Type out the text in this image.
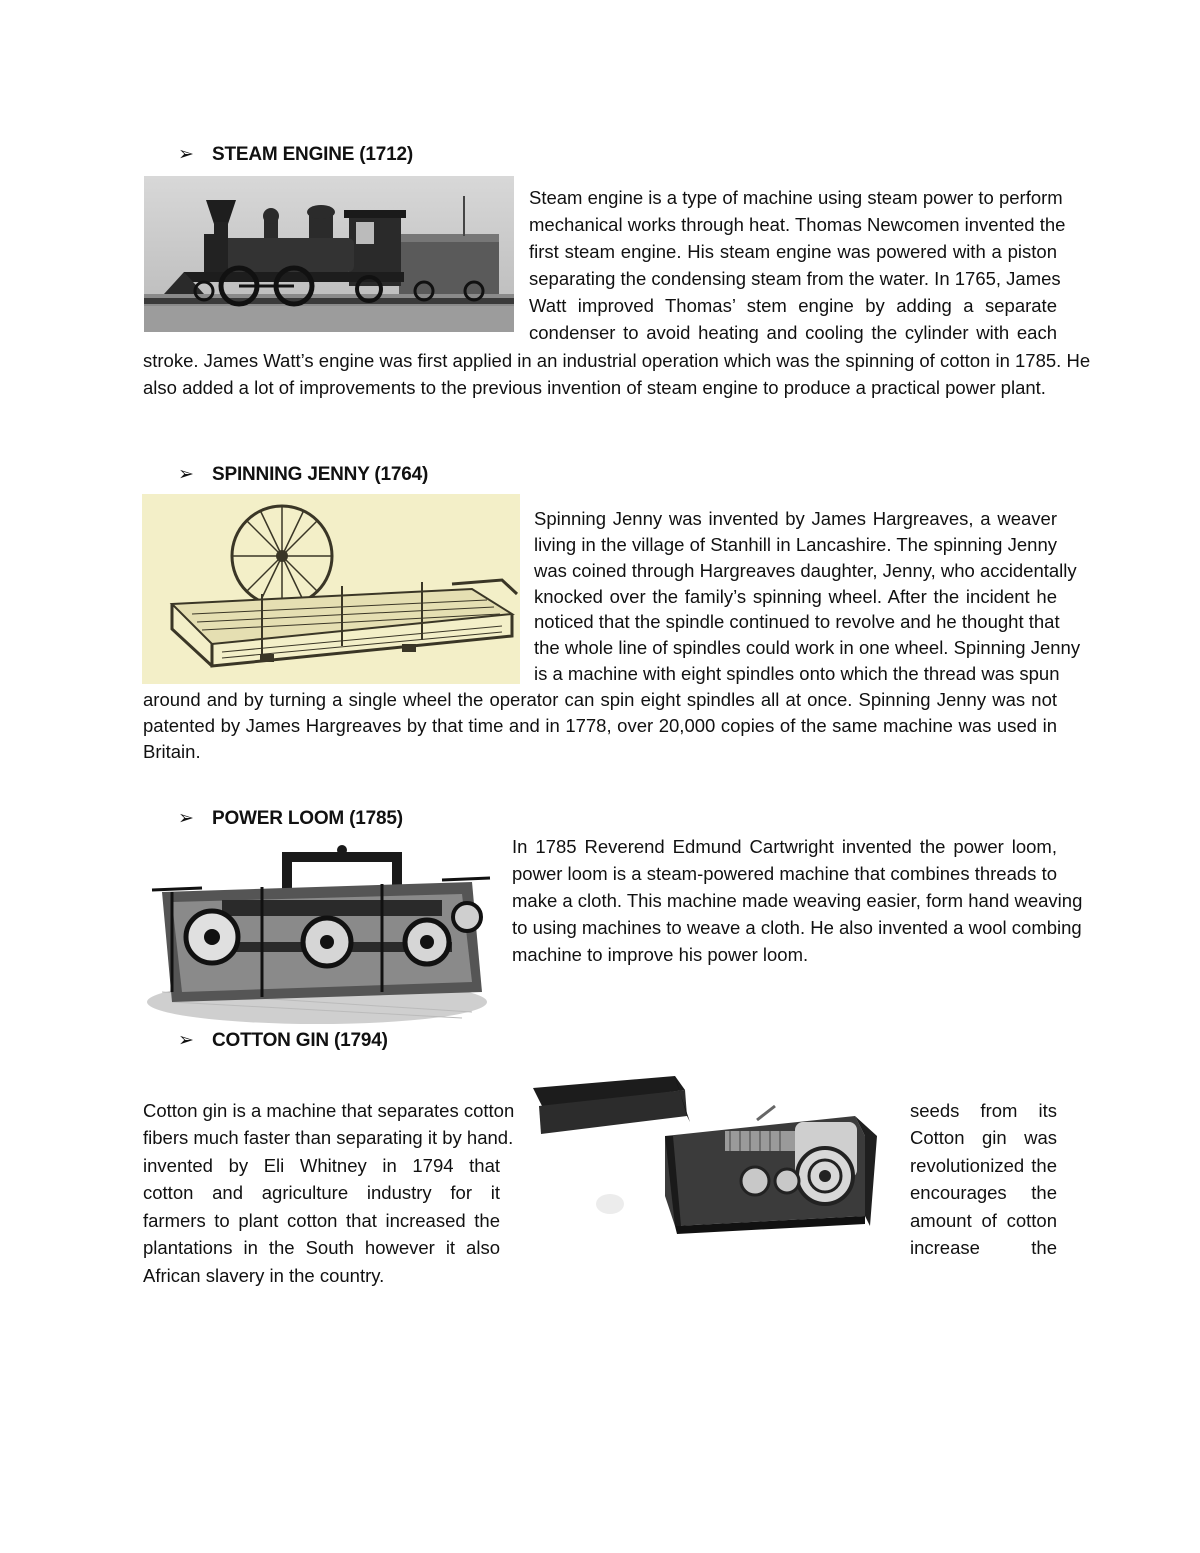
➢ STEAM ENGINE (1712)
Steam engine is a type of machine using steam power to perform
mechanical works through heat. Thomas Newcomen invented the
first steam engine. His steam engine was powered with a piston
separating the condensing steam from the water. In 1765, James
Watt improved Thomas’ stem engine by adding a separate
condenser to avoid heating and cooling the cylinder with each
stroke. James Watt’s engine was first applied in an industrial operation which was the spinning of cotton in 1785. He
also added a lot of improvements to the previous invention of steam engine to produce a practical power plant.
➢ SPINNING JENNY (1764)
Spinning Jenny was invented by James Hargreaves, a weaver
living in the village of Stanhill in Lancashire. The spinning Jenny
was coined through Hargreaves daughter, Jenny, who accidentally
knocked over the family’s spinning wheel. After the incident he
noticed that the spindle continued to revolve and he thought that
the whole line of spindles could work in one wheel. Spinning Jenny
is a machine with eight spindles onto which the thread was spun
around and by turning a single wheel the operator can spin eight spindles all at once. Spinning Jenny was not
patented by James Hargreaves by that time and in 1778, over 20,000 copies of the same machine was used in
Britain.
➢ POWER LOOM (1785)
In 1785 Reverend Edmund Cartwright invented the power loom,
power loom is a steam-powered machine that combines threads to
make a cloth. This machine made weaving easier, form hand weaving
to using machines to weave a cloth. He also invented a wool combing
machine to improve his power loom.
➢ COTTON GIN (1794)
Cotton gin is a machine that separates cotton
fibers much faster than separating it by hand.
invented by Eli Whitney in 1794 that
cotton and agriculture industry for it
farmers to plant cotton that increased the
plantations in the South however it also
African slavery in the country.
seeds from its
Cotton gin was
revolutionized the
encourages the
amount of cotton
increase the
